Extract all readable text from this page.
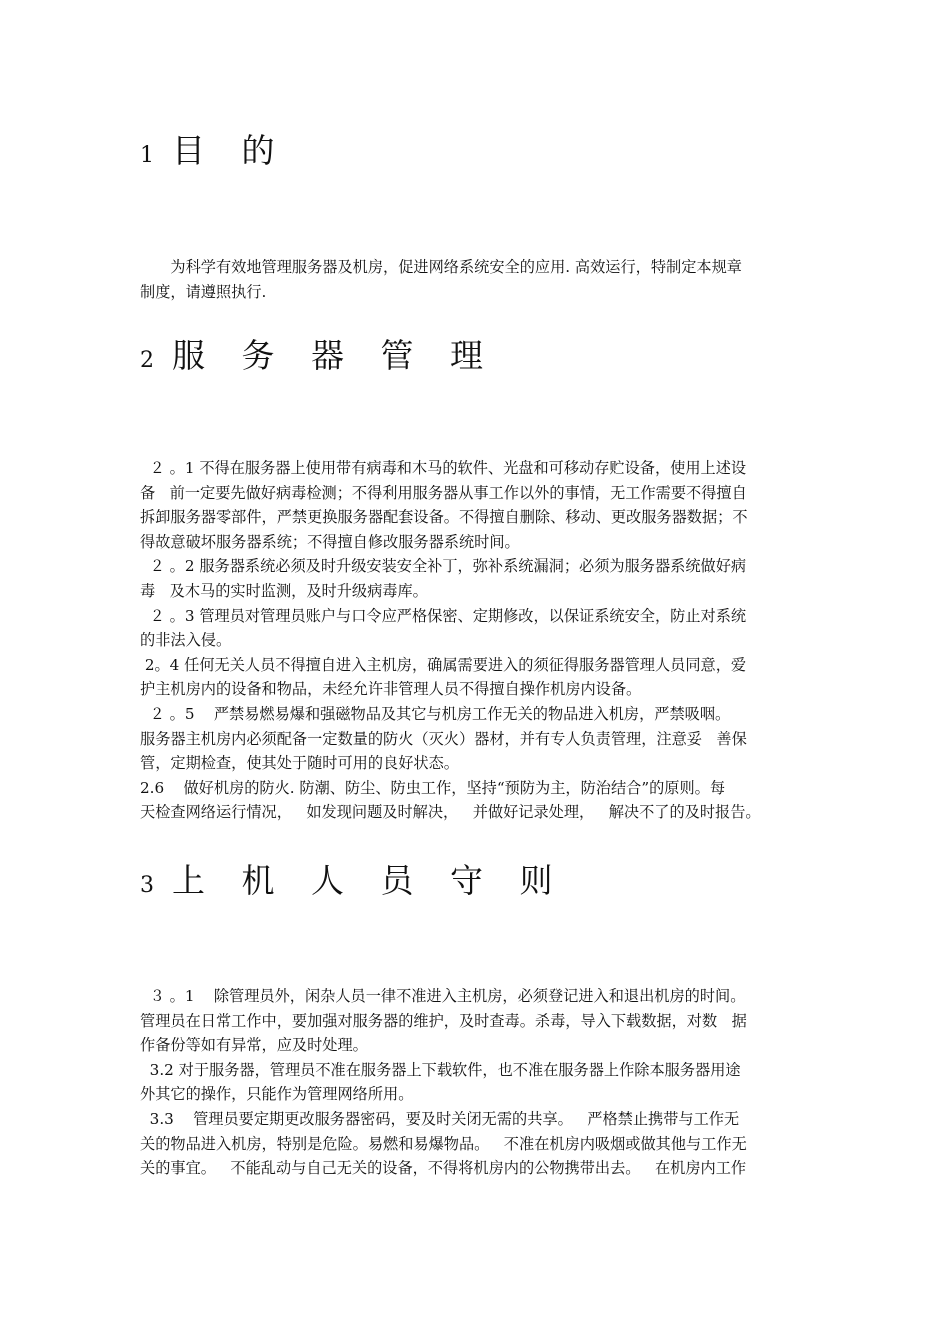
1 目 的
　　为科学有效地管理服务器及机房，促进网络系统安全的应用. 高效运行，特制定本规章
制度，请遵照执行.
2 服 务 器 管 理
２ 。1 不得在服务器上使用带有病毒和木马的软件、光盘和可移动存贮设备，使用上述设
备   前一定要先做好病毒检测；不得利用服务器从事工作以外的事情，无工作需要不得擅自
拆卸服务器零部件，严禁更换服务器配套设备。不得擅自删除、移动、更改服务器数据；不
得故意破坏服务器系统；不得擅自修改服务器系统时间。
２ 。2 服务器系统必须及时升级安装安全补丁，弥补系统漏洞；必须为服务器系统做好病
毒   及木马的实时监测，及时升级病毒库。
２ 。3 管理员对管理员账户与口令应严格保密、定期修改，以保证系统安全，防止对系统
的非法入侵。
2。4 任何无关人员不得擅自进入主机房，确属需要进入的须征得服务器管理人员同意，爱
护主机房内的设备和物品，未经允许非管理人员不得擅自操作机房内设备。
２ 。5    严禁易燃易爆和强磁物品及其它与机房工作无关的物品进入机房，严禁吸咽。
服务器主机房内必须配备一定数量的防火（灭火）器材，并有专人负责管理，注意妥   善保
管，定期检查，使其处于随时可用的良好状态。
2.6    做好机房的防火. 防潮、防尘、防虫工作，坚持“预防为主，防治结合”的原则。每
天检查网络运行情况，   如发现问题及时解决，   并做好记录处理，   解决不了的及时报告。
3 上 机 人 员 守 则
３ 。1    除管理员外，闲杂人员一律不准进入主机房，必须登记进入和退出机房的时间。
管理员在日常工作中，要加强对服务器的维护，及时查毒。杀毒，导入下载数据，对数   据
作备份等如有异常，应及时处理。
3.2 对于服务器，管理员不准在服务器上下载软件，也不准在服务器上作除本服务器用途
外其它的操作，只能作为管理网络所用。
3.3    管理员要定期更改服务器密码，要及时关闭无需的共享。   严格禁止携带与工作无
关的物品进入机房，特别是危险。易燃和易爆物品。   不准在机房内吸烟或做其他与工作无
关的事宜。   不能乱动与自己无关的设备，不得将机房内的公物携带出去。   在机房内工作
